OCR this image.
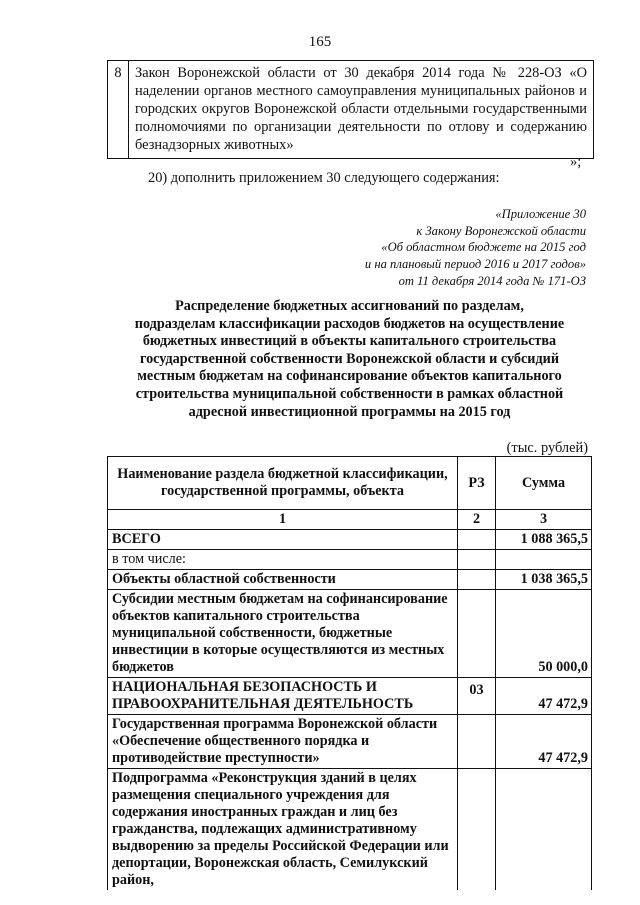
165
8	Закон Воронежской области от 30 декабря 2014 года № 228-ОЗ «О наделении органов местного самоуправления муниципальных районов и городских округов Воронежской области отдельными государственными полномочиями по организации деятельности по отлову и содержанию безнадзорных животных»
»;
20) дополнить приложением 30 следующего содержания:
«Приложение 30
к Закону Воронежской области
«Об областном бюджете на 2015 год
и на плановый период 2016 и 2017 годов»
от 11 декабря 2014 года № 171-ОЗ
Распределение бюджетных ассигнований по разделам,
подразделам классификации расходов бюджетов на осуществление
бюджетных инвестиций в объекты капитального строительства
государственной собственности Воронежской области и субсидий
местным бюджетам на софинансирование объектов капитального
строительства муниципальной собственности в рамках областной
адресной инвестиционной программы на 2015 год
(тыс. рублей)
Наименование раздела бюджетной классификации, государственной программы, объекта	РЗ	Сумма
1	2	3
ВСЕГО		1 088 365,5
в том числе:		
Объекты областной собственности		1 038 365,5
Субсидии местным бюджетам на софинансирование объектов капитального строительства муниципальной собственности, бюджетные инвестиции в которые осуществляются из местных бюджетов		50 000,0
НАЦИОНАЛЬНАЯ БЕЗОПАСНОСТЬ И ПРАВООХРАНИТЕЛЬНАЯ ДЕЯТЕЛЬНОСТЬ	03	47 472,9
Государственная программа Воронежской области «Обеспечение общественного порядка и противодействие преступности»		47 472,9
Подпрограмма «Реконструкция зданий в целях размещения специального учреждения для содержания иностранных граждан и лиц без гражданства, подлежащих административному выдворению за пределы Российской Федерации или депортации, Воронежская область, Семилукский район,		
